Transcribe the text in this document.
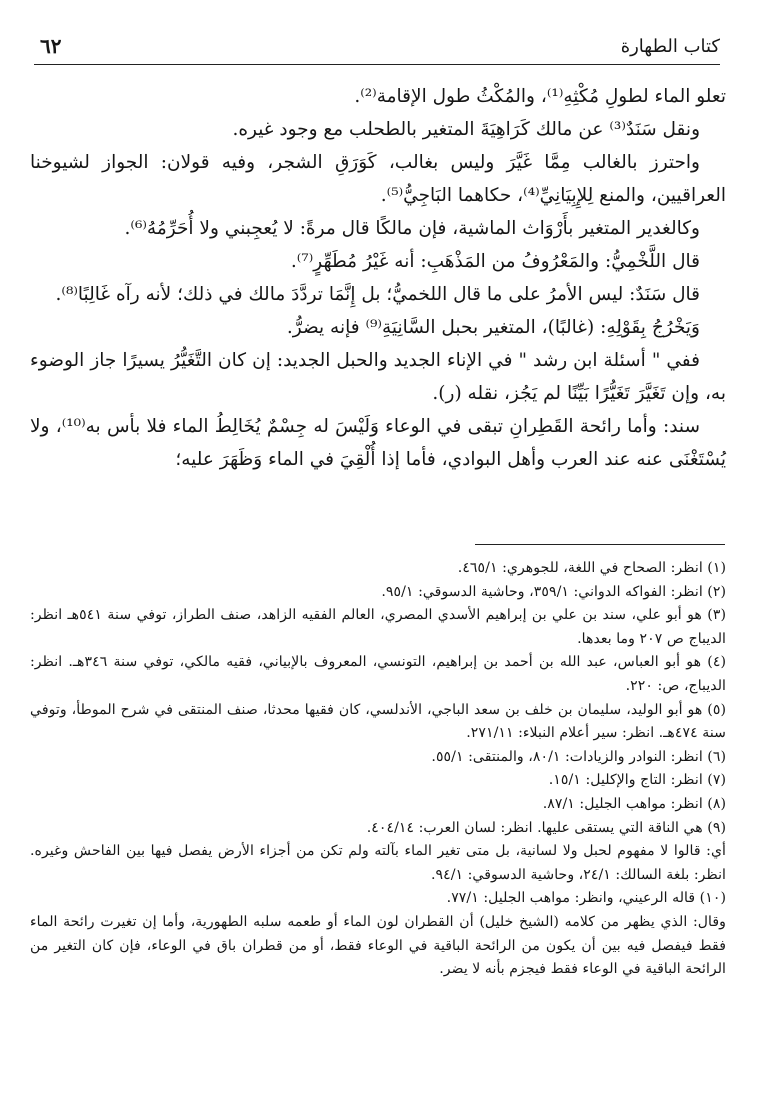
كتاب الطهارة
٦٢

تعلو الماء لطولِ مُكْثِهِ⁽¹⁾، والمُكْثُ طول الإقامة⁽²⁾.

ونقل سَنَدٌ⁽³⁾ عن مالك كَرَاهِيَةَ المتغير بالطحلب مع وجود غيره.

واحترز بالغالب مِمَّا غَيَّرَ وليس بغالب، كَوَرَقِ الشجر، وفيه قولان: الجواز لشيوخنا العراقيين، والمنع لِلإِبِيَانِيِّ⁽⁴⁾، حكاهما البَاجِيُّ⁽⁵⁾.

وكالغدير المتغير بأَرْوَاث الماشية، فإن مالكًا قال مرةً: لا يُعجِبني ولا أُحَرِّمُهُ⁽⁶⁾.

قال اللَّخْمِيُّ: والمَعْرُوفُ من المَذْهَبِ: أنه غَيْرُ مُطَهِّرٍ⁽⁷⁾.

قال سَنَدٌ: ليس الأمرُ على ما قال اللخميُّ؛ بل إِنَّمَا تردَّدَ مالك في ذلك؛ لأنه رآه غَالِبًا⁽⁸⁾.

وَيَخْرُجُ بِقَوْلِهِ: (غالبًا)، المتغير بحبل السَّانِيَةِ⁽⁹⁾ فإنه يضرُّ.

ففي " أسئلة ابن رشد " في الإناء الجديد والحبل الجديد: إن كان التَّغَيُّرُ يسيرًا جاز الوضوء به، وإن تَغَيَّرَ تَغَيُّرًا بَيِّنًا لم يَجُز، نقله (ر).

سند: وأما رائحة القَطِرانِ تبقى في الوعاء وَلَيْسَ له جِسْمٌ يُخَالِطُ الماء فلا بأس به⁽¹⁰⁾، ولا يُسْتَغْنَى عنه عند العرب وأهل البوادي، فأما إذا أُلْقِيَ في الماء وَظَهَرَ عليه؛

(١) انظر: الصحاح في اللغة، للجوهري: ٤٦٥/١.

(٢) انظر: الفواكه الدواني: ٣٥٩/١، وحاشية الدسوقي: ٩٥/١.

(٣) هو أبو علي، سند بن علي بن إبراهيم الأسدي المصري، العالم الفقيه الزاهد، صنف الطراز، توفي سنة ٥٤١هـ انظر: الديباج ص ٢٠٧ وما بعدها.

(٤) هو أبو العباس، عبد الله بن أحمد بن إبراهيم، التونسي، المعروف بالإبياني، فقيه مالكي، توفي سنة ٣٤٦هـ. انظر: الديباج، ص: ٢٢٠.

(٥) هو أبو الوليد، سليمان بن خلف بن سعد الباجي، الأندلسي، كان فقيها محدثا، صنف المنتقى في شرح الموطأ، وتوفي سنة ٤٧٤هـ. انظر: سير أعلام النبلاء: ٢٧١/١١.

(٦) انظر: النوادر والزيادات: ٨٠/١، والمنتقى: ٥٥/١.

(٧) انظر: التاج والإكليل: ١٥/١.

(٨) انظر: مواهب الجليل: ٨٧/١.

(٩) هي الناقة التي يستقى عليها. انظر: لسان العرب: ٤٠٤/١٤.

أي: قالوا لا مفهوم لحبل ولا لسانية، بل متى تغير الماء بآلته ولم تكن من أجزاء الأرض يفصل فيها بين الفاحش وغيره. انظر: بلغة السالك: ٢٤/١، وحاشية الدسوقي: ٩٤/١.

(١٠) قاله الرعيني، وانظر: مواهب الجليل: ٧٧/١.

وقال: الذي يظهر من كلامه (الشيخ خليل) أن القطران لون الماء أو طعمه سلبه الطهورية، وأما إن تغيرت رائحة الماء فقط فيفصل فيه بين أن يكون من الرائحة الباقية في الوعاء فقط، أو من قطران باق في الوعاء، فإن كان التغير من الرائحة الباقية في الوعاء فقط فيجزم بأنه لا يضر.
